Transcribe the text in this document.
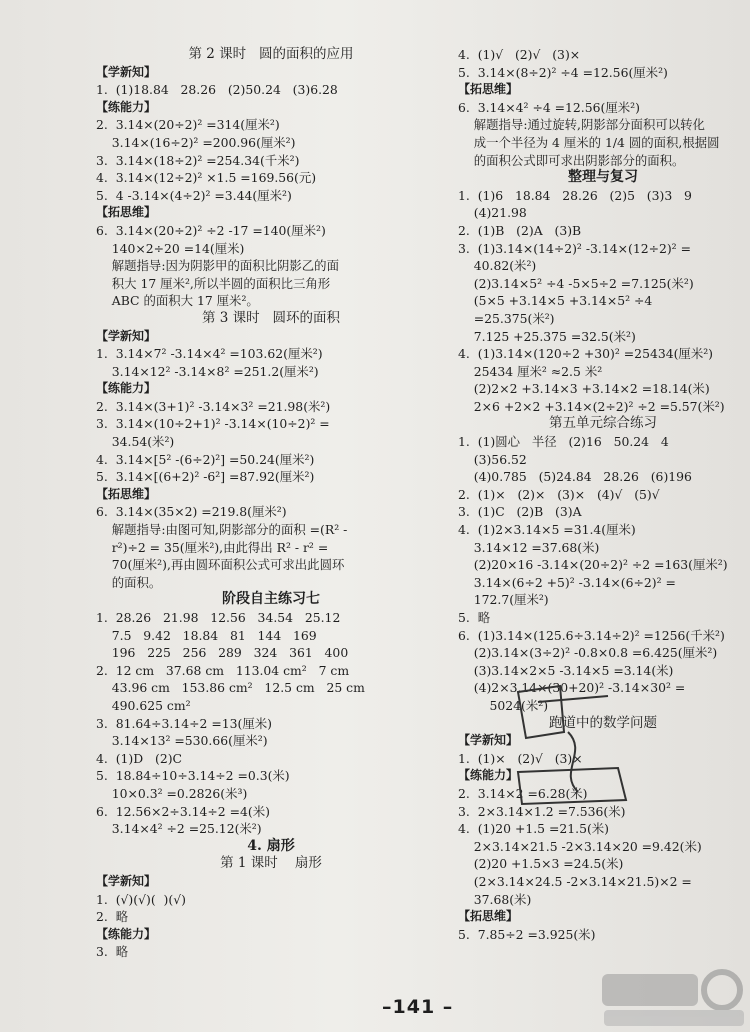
第 2 课时   圆的面积的应用
【学新知】
1.  (1)18.84   28.26   (2)50.24   (3)6.28
【练能力】
2.  3.14×(20÷2)² =314(厘米²)
3.14×(16÷2)² =200.96(厘米²)
3.  3.14×(18÷2)² =254.34(千米²)
4.  3.14×(12÷2)² ×1.5 =169.56(元)
5.  4 -3.14×(4÷2)² =3.44(厘米²)
【拓思维】
6.  3.14×(20÷2)² ÷2 -17 =140(厘米²)
140×2÷20 =14(厘米)
解题指导:因为阴影甲的面积比阴影乙的面
积大 17 厘米²,所以半圆的面积比三角形
ABC 的面积大 17 厘米²。
第 3 课时   圆环的面积
【学新知】
1.  3.14×7² -3.14×4² =103.62(厘米²)
3.14×12² -3.14×8² =251.2(厘米²)
【练能力】
2.  3.14×(3+1)² -3.14×3² =21.98(米²)
3.  3.14×(10÷2+1)² -3.14×(10÷2)² =
34.54(米²)
4.  3.14×[5² -(6÷2)²] =50.24(厘米²)
5.  3.14×[(6+2)² -6²] =87.92(厘米²)
【拓思维】
6.  3.14×(35×2) =219.8(厘米²)
解题指导:由图可知,阴影部分的面积 =(R² -
r²)÷2 = 35(厘米²),由此得出 R² - r² =
70(厘米²),再由圆环面积公式可求出此圆环
的面积。
阶段自主练习七
1.  28.26   21.98   12.56   34.54   25.12
7.5   9.42   18.84   81   144   169
196   225   256   289   324   361   400
2.  12 cm   37.68 cm   113.04 cm²   7 cm
43.96 cm   153.86 cm²   12.5 cm   25 cm
490.625 cm²
3.  81.64÷3.14÷2 =13(厘米)
3.14×13² =530.66(厘米²)
4.  (1)D   (2)C
5.  18.84÷10÷3.14÷2 =0.3(米)
10×0.3² =0.2826(米³)
6.  12.56×2÷3.14÷2 =4(米)
3.14×4² ÷2 =25.12(米²)
4. 扇形
第 1 课时    扇形
【学新知】
1.  (√)(√)(  )(√)
2.  略
【练能力】
3.  略
4.  (1)√   (2)√   (3)×
5.  3.14×(8÷2)² ÷4 =12.56(厘米²)
【拓思维】
6.  3.14×4² ÷4 =12.56(厘米²)
解题指导:通过旋转,阴影部分面积可以转化
成一个半径为 4 厘米的 1/4 圆的面积,根据圆
的面积公式即可求出阴影部分的面积。
整理与复习
1.  (1)6   18.84   28.26   (2)5   (3)3   9
(4)21.98
2.  (1)B   (2)A   (3)B
3.  (1)3.14×(14÷2)² -3.14×(12÷2)² =
40.82(米²)
(2)3.14×5² ÷4 -5×5÷2 =7.125(米²)
(5×5 +3.14×5 +3.14×5² ÷4
=25.375(米²)
7.125 +25.375 =32.5(米²)
4.  (1)3.14×(120÷2 +30)² =25434(厘米²)
25434 厘米² ≈2.5 米²
(2)2×2 +3.14×3 +3.14×2 =18.14(米)
2×6 +2×2 +3.14×(2÷2)² ÷2 =5.57(米²)
第五单元综合练习
1.  (1)圆心   半径   (2)16   50.24   4
(3)56.52
(4)0.785   (5)24.84   28.26   (6)196
2.  (1)×   (2)×   (3)×   (4)√   (5)√
3.  (1)C   (2)B   (3)A
4.  (1)2×3.14×5 =31.4(厘米)
3.14×12 =37.68(米)
(2)20×16 -3.14×(20÷2)² ÷2 =163(厘米²)
3.14×(6÷2 +5)² -3.14×(6÷2)² =
172.7(厘米²)
5.  略
6.  (1)3.14×(125.6÷3.14÷2)² =1256(千米²)
(2)3.14×(3÷2)² -0.8×0.8 =6.425(厘米²)
(3)3.14×2×5 -3.14×5 =3.14(米)
(4)2×3.14×(30+20)² -3.14×30² =
5024(米²)
跑道中的数学问题
【学新知】
1.  (1)×   (2)√   (3)×
【练能力】
2.  3.14×2 =6.28(米)
3.  2×3.14×1.2 =7.536(米)
4.  (1)20 +1.5 =21.5(米)
2×3.14×21.5 -2×3.14×20 =9.42(米)
(2)20 +1.5×3 =24.5(米)
(2×3.14×24.5 -2×3.14×21.5)×2 =
37.68(米)
【拓思维】
5.  7.85÷2 =3.925(米)
–141 –
